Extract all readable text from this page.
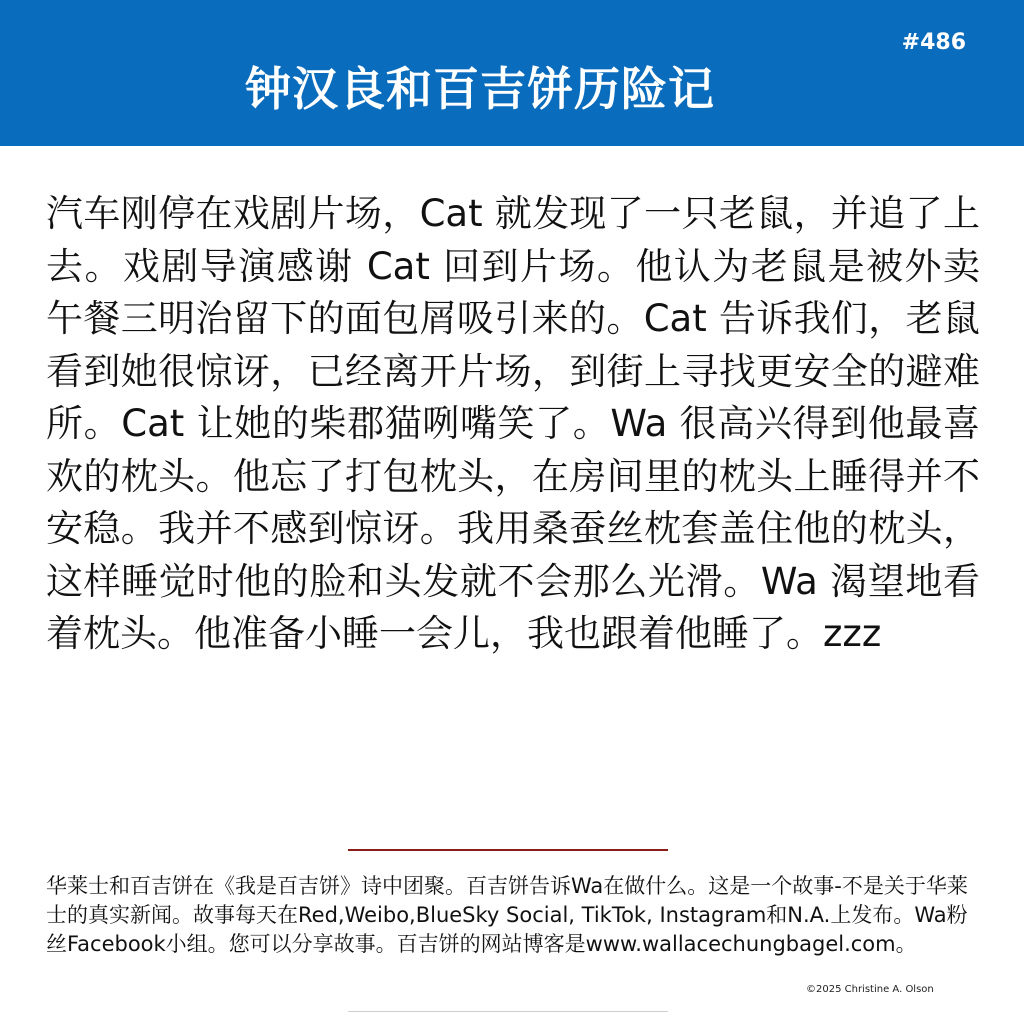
#486
钟汉良和百吉饼历险记

汽车刚停在戏剧片场，Cat 就发现了一只老鼠，并追了上去。戏剧导演感谢 Cat 回到片场。他认为老鼠是被外卖午餐三明治留下的面包屑吸引来的。Cat 告诉我们，老鼠看到她很惊讶，已经离开片场，到街上寻找更安全的避难所。Cat 让她的柴郡猫咧嘴笑了。Wa 很高兴得到他最喜欢的枕头。他忘了打包枕头，在房间里的枕头上睡得并不安稳。我并不感到惊讶。我用桑蚕丝枕套盖住他的枕头，这样睡觉时他的脸和头发就不会那么光滑。Wa 渴望地看着枕头。他准备小睡一会儿，我也跟着他睡了。zzz

华莱士和百吉饼在《我是百吉饼》诗中团聚。百吉饼告诉Wa在做什么。这是一个故事-不是关于华莱士的真实新闻。故事每天在Red,Weibo,BlueSky Social, TikTok, Instagram和N.A.上发布。Wa粉丝Facebook小组。您可以分享故事。百吉饼的网站博客是www.wallacechungbagel.com。

©2025 Christine A. Olson
